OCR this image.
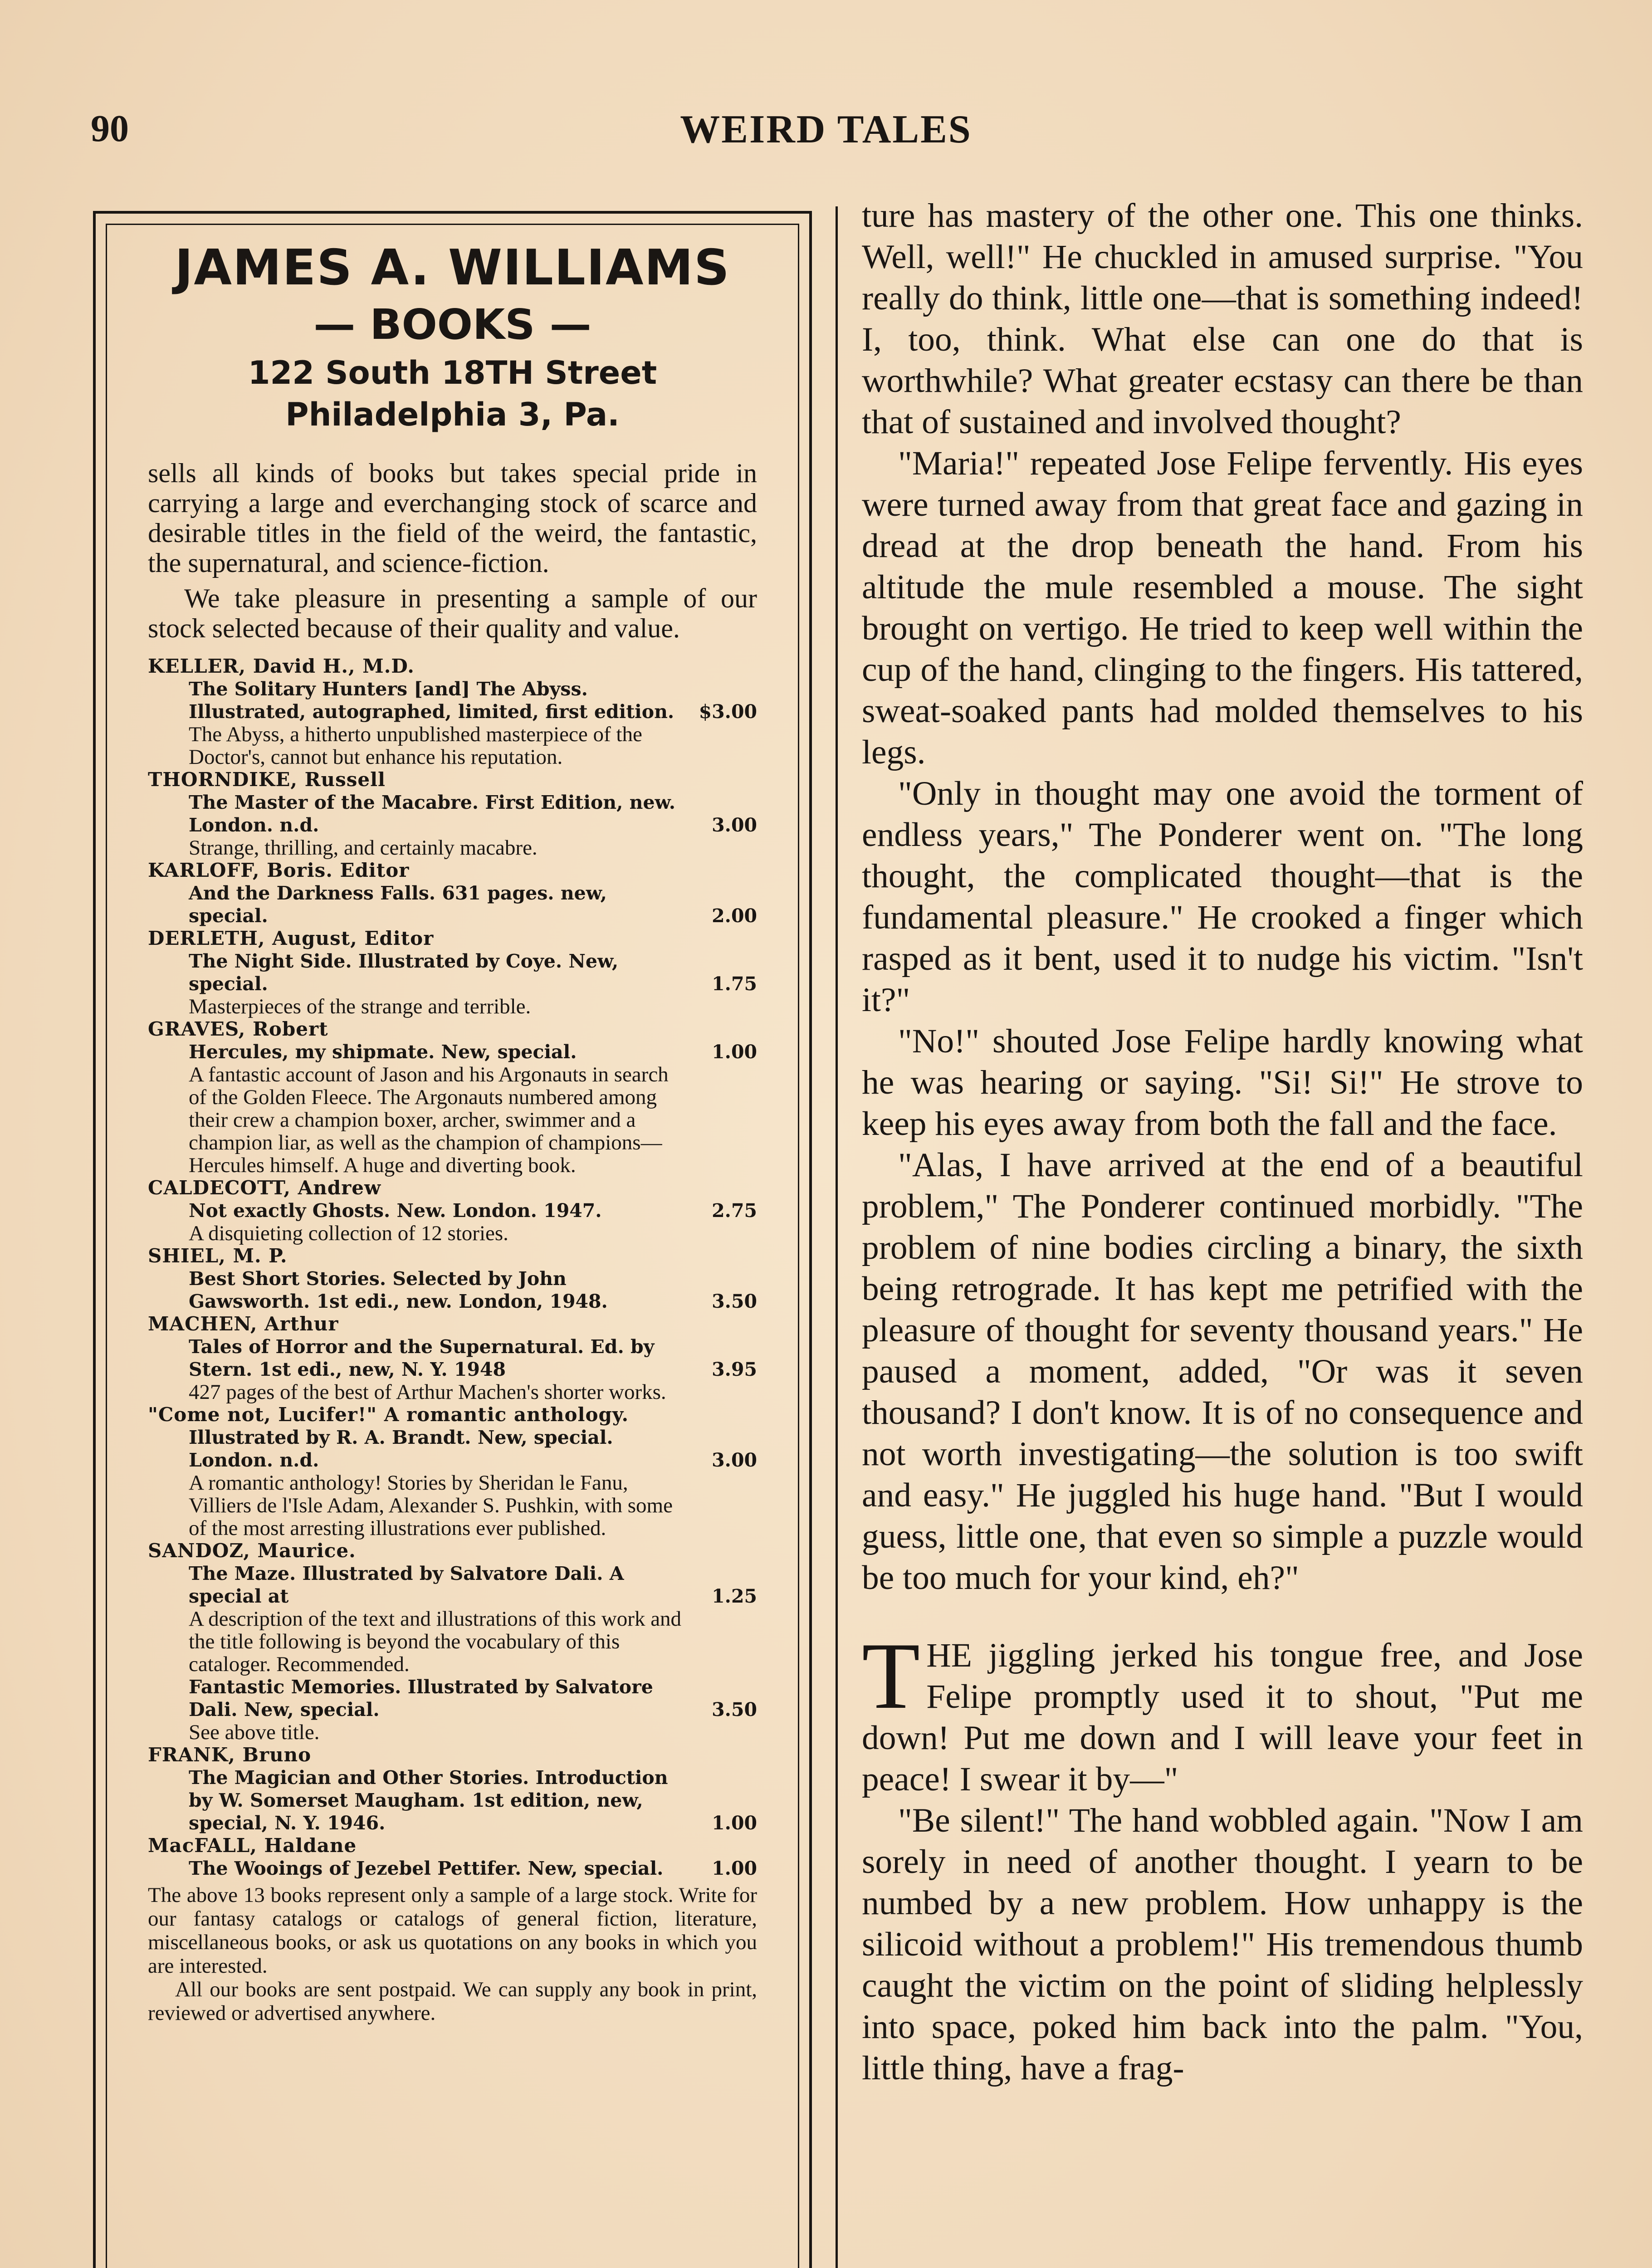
90	WEIRD TALES
JAMES A. WILLIAMS
— BOOKS —
122 South 18TH Street
Philadelphia 3, Pa.

sells all kinds of books but takes special pride in carrying a large and everchanging stock of scarce and desirable titles in the field of the weird, the fantastic, the supernatural, and science-fiction.

We take pleasure in presenting a sample of our stock selected because of their quality and value.

KELLER, David H., M.D.
The Solitary Hunters [and] The Abyss. Illustrated, autographed, limited, first edition.	$3.00
The Abyss, a hitherto unpublished masterpiece of the Doctor's, cannot but enhance his reputation.
THORNDIKE, Russell
The Master of the Macabre. First Edition, new. London. n.d.	3.00
Strange, thrilling, and certainly macabre.
KARLOFF, Boris. Editor
And the Darkness Falls. 631 pages. new, special.	2.00
DERLETH, August, Editor
The Night Side. Illustrated by Coye. New, special.	1.75
Masterpieces of the strange and terrible.
GRAVES, Robert
Hercules, my shipmate. New, special.	1.00
A fantastic account of Jason and his Argonauts in search of the Golden Fleece. The Argonauts numbered among their crew a champion boxer, archer, swimmer and a champion liar, as well as the champion of champions—Hercules himself. A huge and diverting book.
CALDECOTT, Andrew
Not exactly Ghosts. New. London. 1947.	2.75
A disquieting collection of 12 stories.
SHIEL, M. P.
Best Short Stories. Selected by John Gawsworth. 1st edi., new. London, 1948.	3.50
MACHEN, Arthur
Tales of Horror and the Supernatural. Ed. by Stern. 1st edi., new, N. Y. 1948	3.95
427 pages of the best of Arthur Machen's shorter works.
"Come not, Lucifer!" A romantic anthology.
Illustrated by R. A. Brandt. New, special. London. n.d.	3.00
A romantic anthology! Stories by Sheridan le Fanu, Villiers de l'Isle Adam, Alexander S. Pushkin, with some of the most arresting illustrations ever published.
SANDOZ, Maurice.
The Maze. Illustrated by Salvatore Dali. A special at	1.25
A description of the text and illustrations of this work and the title following is beyond the vocabulary of this cataloger. Recommended.
Fantastic Memories. Illustrated by Salvatore Dali. New, special.	3.50
See above title.
FRANK, Bruno
The Magician and Other Stories. Introduction by W. Somerset Maugham. 1st edition, new, special, N. Y. 1946.	1.00
MacFALL, Haldane
The Wooings of Jezebel Pettifer. New, special.	1.00

The above 13 books represent only a sample of a large stock. Write for our fantasy catalogs or catalogs of general fiction, literature, miscellaneous books, or ask us quotations on any books in which you are interested.

All our books are sent postpaid. We can supply any book in print, reviewed or advertised anywhere.

ture has mastery of the other one. This one thinks. Well, well!" He chuckled in amused surprise. "You really do think, little one—that is something indeed! I, too, think. What else can one do that is worthwhile? What greater ecstasy can there be than that of sustained and involved thought?

"Maria!" repeated Jose Felipe fervently. His eyes were turned away from that great face and gazing in dread at the drop beneath the hand. From his altitude the mule resembled a mouse. The sight brought on vertigo. He tried to keep well within the cup of the hand, clinging to the fingers. His tattered, sweat-soaked pants had molded themselves to his legs.

"Only in thought may one avoid the torment of endless years," The Ponderer went on. "The long thought, the complicated thought—that is the fundamental pleasure." He crooked a finger which rasped as it bent, used it to nudge his victim. "Isn't it?"

"No!" shouted Jose Felipe hardly knowing what he was hearing or saying. "Si! Si!" He strove to keep his eyes away from both the fall and the face.

"Alas, I have arrived at the end of a beautiful problem," The Ponderer continued morbidly. "The problem of nine bodies circling a binary, the sixth being retrograde. It has kept me petrified with the pleasure of thought for seventy thousand years." He paused a moment, added, "Or was it seven thousand? I don't know. It is of no consequence and not worth investigating—the solution is too swift and easy." He juggled his huge hand. "But I would guess, little one, that even so simple a puzzle would be too much for your kind, eh?"

THE jiggling jerked his tongue free, and Jose Felipe promptly used it to shout, "Put me down! Put me down and I will leave your feet in peace! I swear it by—"

"Be silent!" The hand wobbled again. "Now I am sorely in need of another thought. I yearn to be numbed by a new problem. How unhappy is the silicoid without a problem!" His tremendous thumb caught the victim on the point of sliding helplessly into space, poked him back into the palm. "You, little thing, have a frag-
